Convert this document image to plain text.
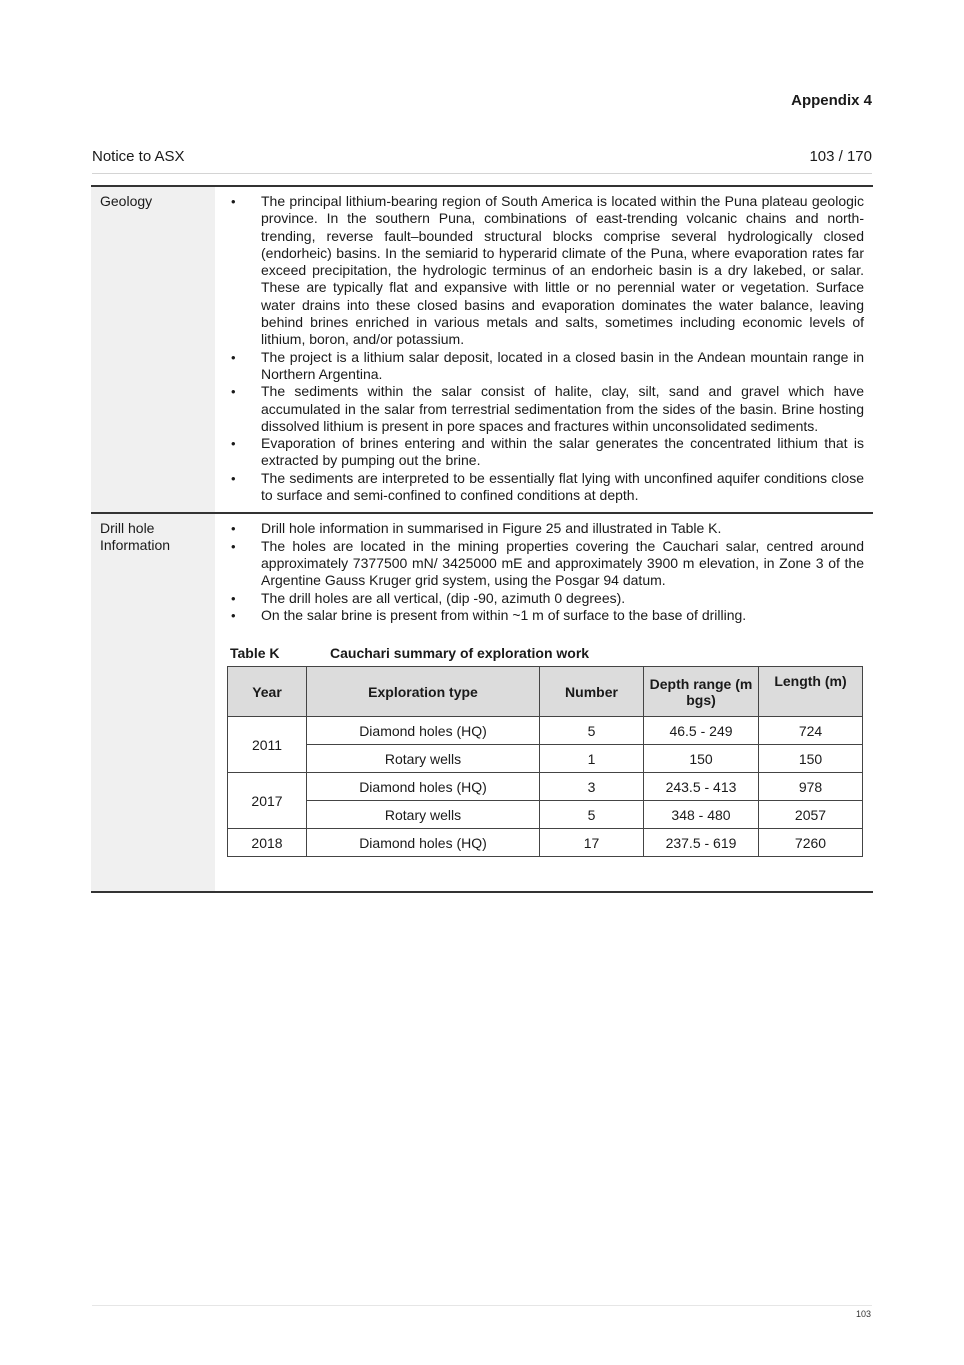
Appendix 4
Notice to ASX	103 / 170
Geology	
•The principal lithium-bearing region of South America is located within the Puna plateau geologic province. In the southern Puna, combinations of east-trending volcanic chains and north-trending, reverse fault–bounded structural blocks comprise several hydrologically closed (endorheic) basins. In the semiarid to hyperarid climate of the Puna, where evaporation rates far exceed precipitation, the hydrologic terminus of an endorheic basin is a dry lakebed, or salar. These are typically flat and expansive with little or no perennial water or vegetation. Surface water drains into these closed basins and evaporation dominates the water balance, leaving behind brines enriched in various metals and salts, sometimes including economic levels of lithium, boron, and/or potassium.
• The project is a lithium salar deposit, located in a closed basin in the Andean mountain range in Northern Argentina.
• The sediments within the salar consist of halite, clay, silt, sand and gravel which have accumulated in the salar from terrestrial sedimentation from the sides of the basin. Brine hosting dissolved lithium is present in pore spaces and fractures within unconsolidated sediments.
• Evaporation of brines entering and within the salar generates the concentrated lithium that is extracted by pumping out the brine.
• The sediments are interpreted to be essentially flat lying with unconfined aquifer conditions close to surface and semi-confined to confined conditions at depth.

Drill hole Information	
• Drill hole information in summarised in Figure 25 and illustrated in Table K.
• The holes are located in the mining properties covering the Cauchari salar, centred around approximately 7377500 mN/ 3425000 mE and approximately 3900 m elevation, in Zone 3 of the Argentine Gauss Kruger grid system, using the Posgar 94 datum.
• The drill holes are all vertical, (dip -90, azimuth 0 degrees).
• On the salar brine is present from within ~1 m of surface to the base of drilling.
Table K	Cauchari summary of exploration work
Year	Exploration type	Number	Depth range (m bgs)	Length (m)
2011	Diamond holes (HQ)	5	46.5 - 249	724
Rotary wells	1	150	150
2017	Diamond holes (HQ)	3	243.5 - 413	978
Rotary wells	5	348 - 480	2057
2018	Diamond holes (HQ)	17	237.5 - 619	7260
103
